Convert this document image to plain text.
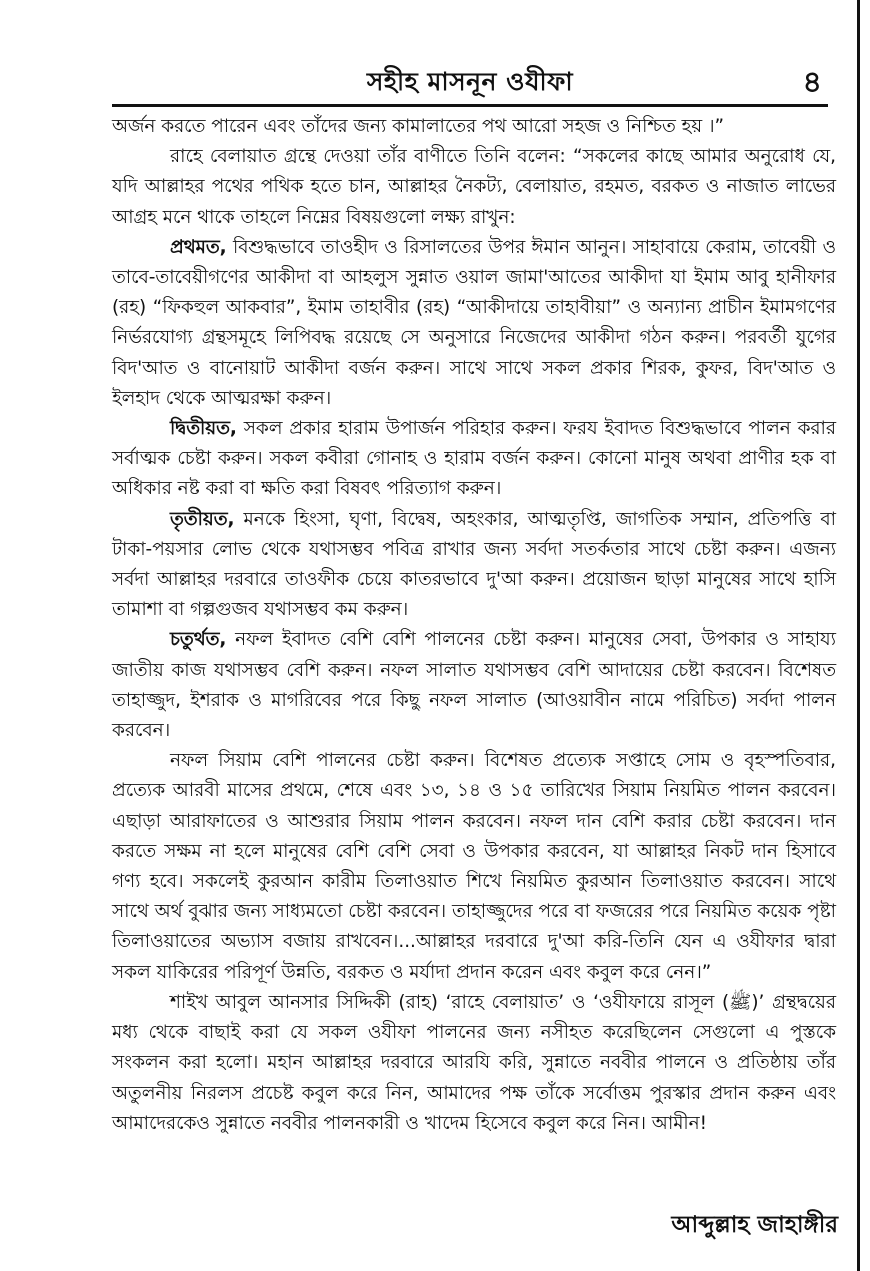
সহীহ মাসনূন ওযীফা	৪

অর্জন করতে পারেন এবং তাঁদের জন্য কামালাতের পথ আরো সহজ ও নিশ্চিত হয় ।”

রাহে বেলায়াত গ্রন্থে দেওয়া তাঁর বাণীতে তিনি বলেন: “সকলের কাছে আমার অনুরোধ যে, যদি আল্লাহর পথের পথিক হতে চান, আল্লাহর নৈকট্য, বেলায়াত, রহমত, বরকত ও নাজাত লাভের আগ্রহ মনে থাকে তাহলে নিম্নের বিষয়গুলো লক্ষ্য রাখুন:

প্রথমত, বিশুদ্ধভাবে তাওহীদ ও রিসালতের উপর ঈমান আনুন। সাহাবায়ে কেরাম, তাবেয়ী ও তাবে-তাবেয়ীগণের আকীদা বা আহলুস সুন্নাত ওয়াল জামা'আতের আকীদা যা ইমাম আবু হানীফার (রহ) “ফিকহুল আকবার”, ইমাম তাহাবীর (রহ) “আকীদায়ে তাহাবীয়া” ও অন্যান্য প্রাচীন ইমামগণের নির্ভরযোগ্য গ্রন্থসমূহে লিপিবদ্ধ রয়েছে সে অনুসারে নিজেদের আকীদা গঠন করুন। পরবর্তী যুগের বিদ'আত ও বানোয়াট আকীদা বর্জন করুন। সাথে সাথে সকল প্রকার শিরক, কুফর, বিদ'আত ও ইলহাদ থেকে আত্মরক্ষা করুন।

দ্বিতীয়ত, সকল প্রকার হারাম উপার্জন পরিহার করুন। ফরয ইবাদত বিশুদ্ধভাবে পালন করার সর্বাত্মক চেষ্টা করুন। সকল কবীরা গোনাহ ও হারাম বর্জন করুন। কোনো মানুষ অথবা প্রাণীর হক বা অধিকার নষ্ট করা বা ক্ষতি করা বিষবৎ পরিত্যাগ করুন।

তৃতীয়ত, মনকে হিংসা, ঘৃণা, বিদ্বেষ, অহংকার, আত্মতৃপ্তি, জাগতিক সম্মান, প্রতিপত্তি বা টাকা-পয়সার লোভ থেকে যথাসম্ভব পবিত্র রাখার জন্য সর্বদা সতর্কতার সাথে চেষ্টা করুন। এজন্য সর্বদা আল্লাহর দরবারে তাওফীক চেয়ে কাতরভাবে দু'আ করুন। প্রয়োজন ছাড়া মানুষের সাথে হাসি তামাশা বা গল্পগুজব যথাসম্ভব কম করুন।

চতুর্থত, নফল ইবাদত বেশি বেশি পালনের চেষ্টা করুন। মানুষের সেবা, উপকার ও সাহায্য জাতীয় কাজ যথাসম্ভব বেশি করুন। নফল সালাত যথাসম্ভব বেশি আদায়ের চেষ্টা করবেন। বিশেষত তাহাজ্জুদ, ইশরাক ও মাগরিবের পরে কিছু নফল সালাত (আওয়াবীন নামে পরিচিত) সর্বদা পালন করবেন।

নফল সিয়াম বেশি পালনের চেষ্টা করুন। বিশেষত প্রত্যেক সপ্তাহে সোম ও বৃহস্পতিবার, প্রত্যেক আরবী মাসের প্রথমে, শেষে এবং ১৩, ১৪ ও ১৫ তারিখের সিয়াম নিয়মিত পালন করবেন। এছাড়া আরাফাতের ও আশুরার সিয়াম পালন করবেন। নফল দান বেশি করার চেষ্টা করবেন। দান করতে সক্ষম না হলে মানুষের বেশি বেশি সেবা ও উপকার করবেন, যা আল্লাহর নিকট দান হিসাবে গণ্য হবে। সকলেই কুরআন কারীম তিলাওয়াত শিখে নিয়মিত কুরআন তিলাওয়াত করবেন। সাথে সাথে অর্থ বুঝার জন্য সাধ্যমতো চেষ্টা করবেন। তাহাজ্জুদের পরে বা ফজরের পরে নিয়মিত কয়েক পৃষ্টা তিলাওয়াতের অভ্যাস বজায় রাখবেন।...আল্লাহর দরবারে দু'আ করি-তিনি যেন এ ওযীফার দ্বারা সকল যাকিরের পরিপূর্ণ উন্নতি, বরকত ও মর্যাদা প্রদান করেন এবং কবুল করে নেন।”

শাইখ আবুল আনসার সিদ্দিকী (রাহ) ‘রাহে বেলায়াত’ ও ‘ওযীফায়ে রাসূল (ﷺ)’ গ্রন্থদ্বয়ের মধ্য থেকে বাছাই করা যে সকল ওযীফা পালনের জন্য নসীহত করেছিলেন সেগুলো এ পুস্তকে সংকলন করা হলো। মহান আল্লাহর দরবারে আরযি করি, সুন্নাতে নববীর পালনে ও প্রতিষ্ঠায় তাঁর অতুলনীয় নিরলস প্রচেষ্ট কবুল করে নিন, আমাদের পক্ষ তাঁকে সর্বোত্তম পুরস্কার প্রদান করুন এবং আমাদেরকেও সুন্নাতে নববীর পালনকারী ও খাদেম হিসেবে কবুল করে নিন। আমীন!

আব্দুল্লাহ জাহাঙ্গীর
